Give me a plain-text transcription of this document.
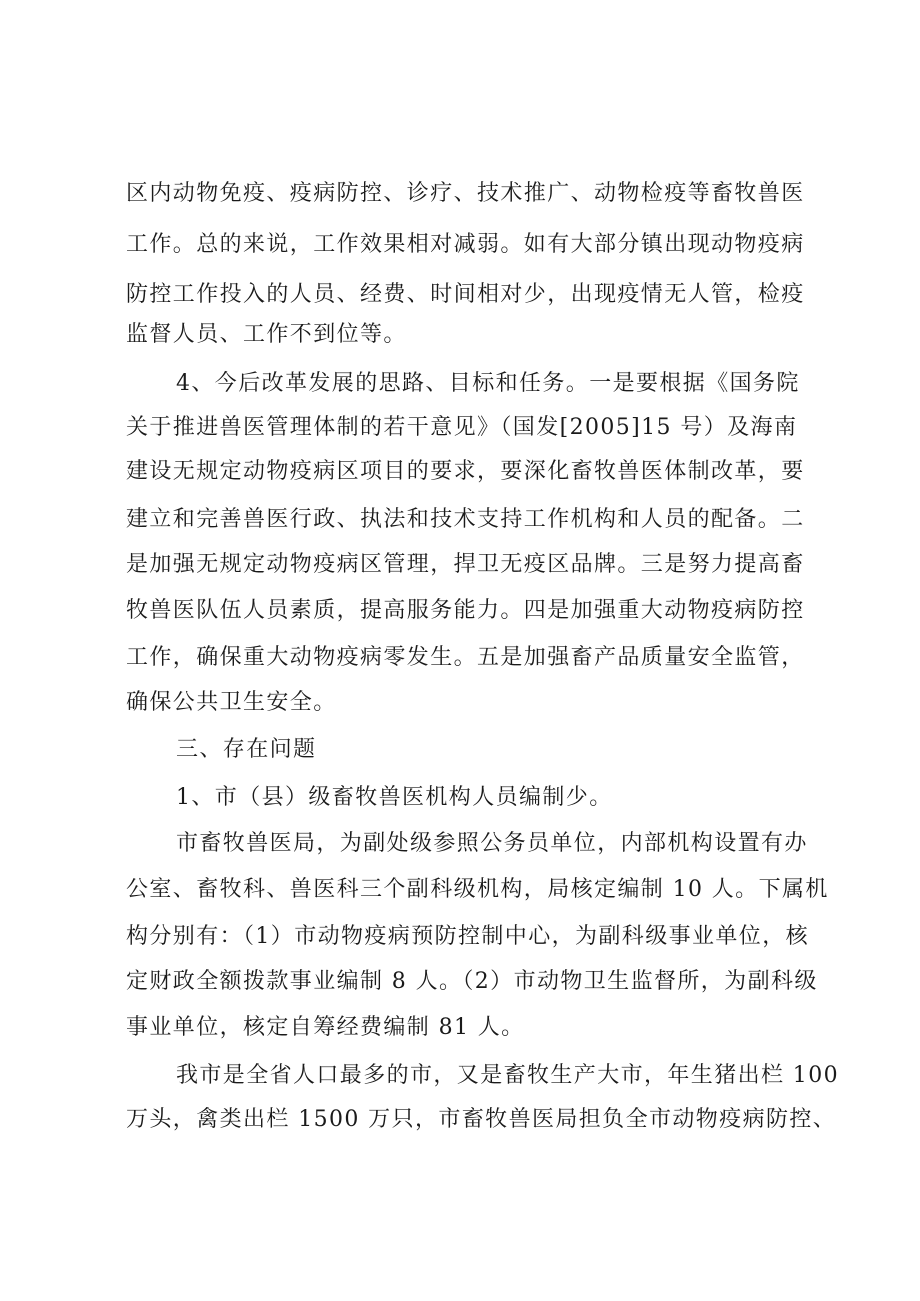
区内动物免疫、疫病防控、诊疗、技术推广、动物检疫等畜牧兽医
工作。总的来说，工作效果相对减弱。如有大部分镇出现动物疫病
防控工作投入的人员、经费、时间相对少，出现疫情无人管，检疫
监督人员、工作不到位等。
4、今后改革发展的思路、目标和任务。一是要根据《国务院
关于推进兽医管理体制的若干意见》（国发[2005]15 号）及海南
建设无规定动物疫病区项目的要求，要深化畜牧兽医体制改革，要
建立和完善兽医行政、执法和技术支持工作机构和人员的配备。二
是加强无规定动物疫病区管理，捍卫无疫区品牌。三是努力提高畜
牧兽医队伍人员素质，提高服务能力。四是加强重大动物疫病防控
工作，确保重大动物疫病零发生。五是加强畜产品质量安全监管，
确保公共卫生安全。
三、存在问题
1、市（县）级畜牧兽医机构人员编制少。
市畜牧兽医局，为副处级参照公务员单位，内部机构设置有办
公室、畜牧科、兽医科三个副科级机构，局核定编制 10 人。下属机
构分别有：（1）市动物疫病预防控制中心，为副科级事业单位，核
定财政全额拨款事业编制 8 人。（2）市动物卫生监督所，为副科级
事业单位，核定自筹经费编制 81 人。
我市是全省人口最多的市，又是畜牧生产大市，年生猪出栏 100
万头，禽类出栏 1500 万只，市畜牧兽医局担负全市动物疫病防控、
